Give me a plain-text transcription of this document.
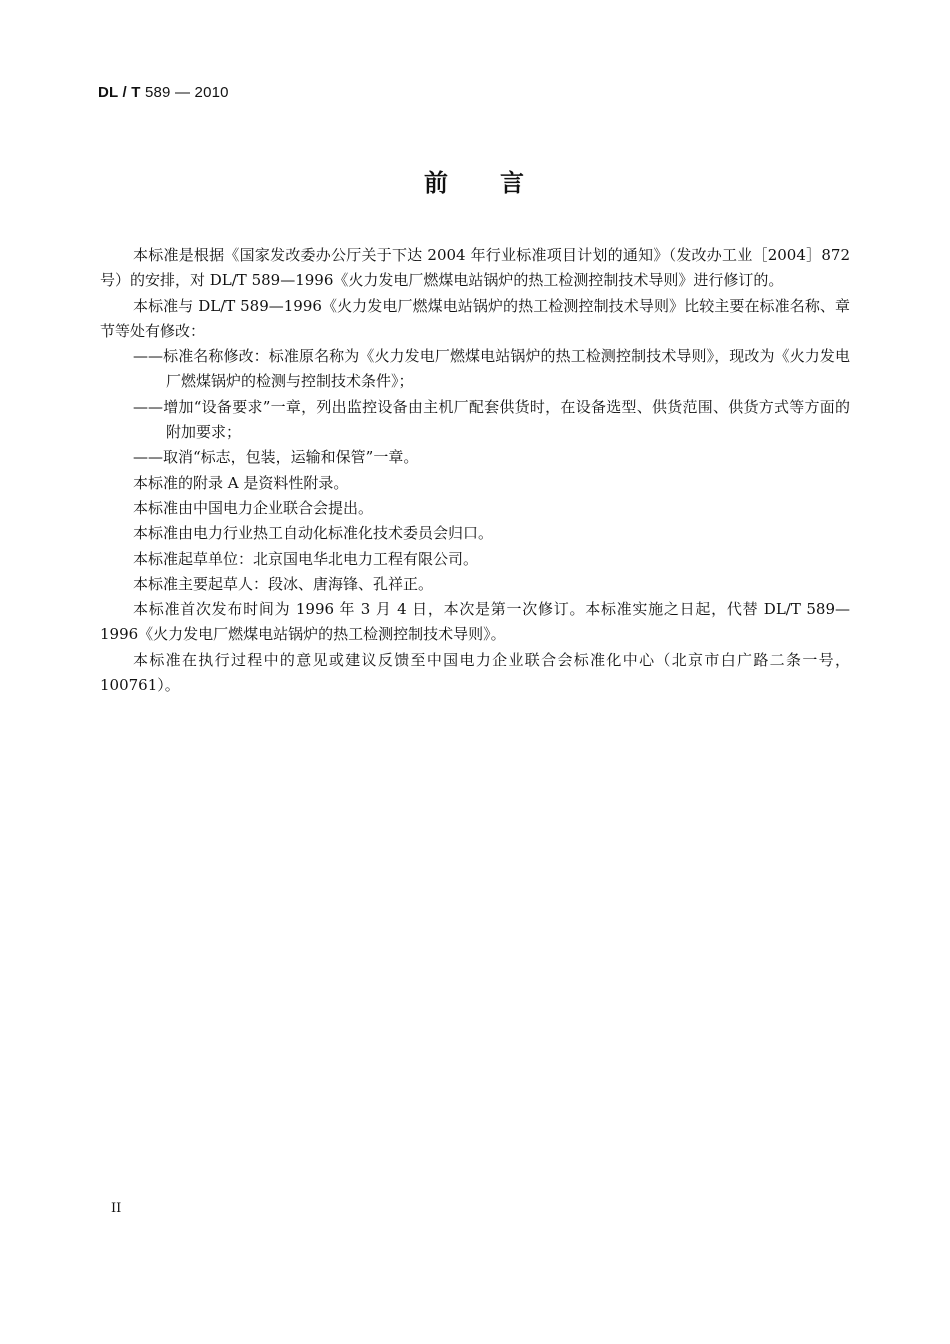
DL / T 589 — 2010
前 言

本标准是根据《国家发改委办公厅关于下达 2004 年行业标准项目计划的通知》（发改办工业［2004］872 号）的安排，对 DL/T 589—1996《火力发电厂燃煤电站锅炉的热工检测控制技术导则》进行修订的。

本标准与 DL/T 589—1996《火力发电厂燃煤电站锅炉的热工检测控制技术导则》比较主要在标准名称、章节等处有修改：

——标准名称修改：标准原名称为《火力发电厂燃煤电站锅炉的热工检测控制技术导则》，现改为《火力发电厂燃煤锅炉的检测与控制技术条件》；

——增加“设备要求”一章，列出监控设备由主机厂配套供货时，在设备选型、供货范围、供货方式等方面的附加要求；

——取消“标志，包装，运输和保管”一章。

本标准的附录 A 是资料性附录。

本标准由中国电力企业联合会提出。

本标准由电力行业热工自动化标准化技术委员会归口。

本标准起草单位：北京国电华北电力工程有限公司。

本标准主要起草人：段冰、唐海锋、孔祥正。

本标准首次发布时间为 1996 年 3 月 4 日，本次是第一次修订。本标准实施之日起，代替 DL/T 589—1996《火力发电厂燃煤电站锅炉的热工检测控制技术导则》。

本标准在执行过程中的意见或建议反馈至中国电力企业联合会标准化中心（北京市白广路二条一号，100761）。

II
